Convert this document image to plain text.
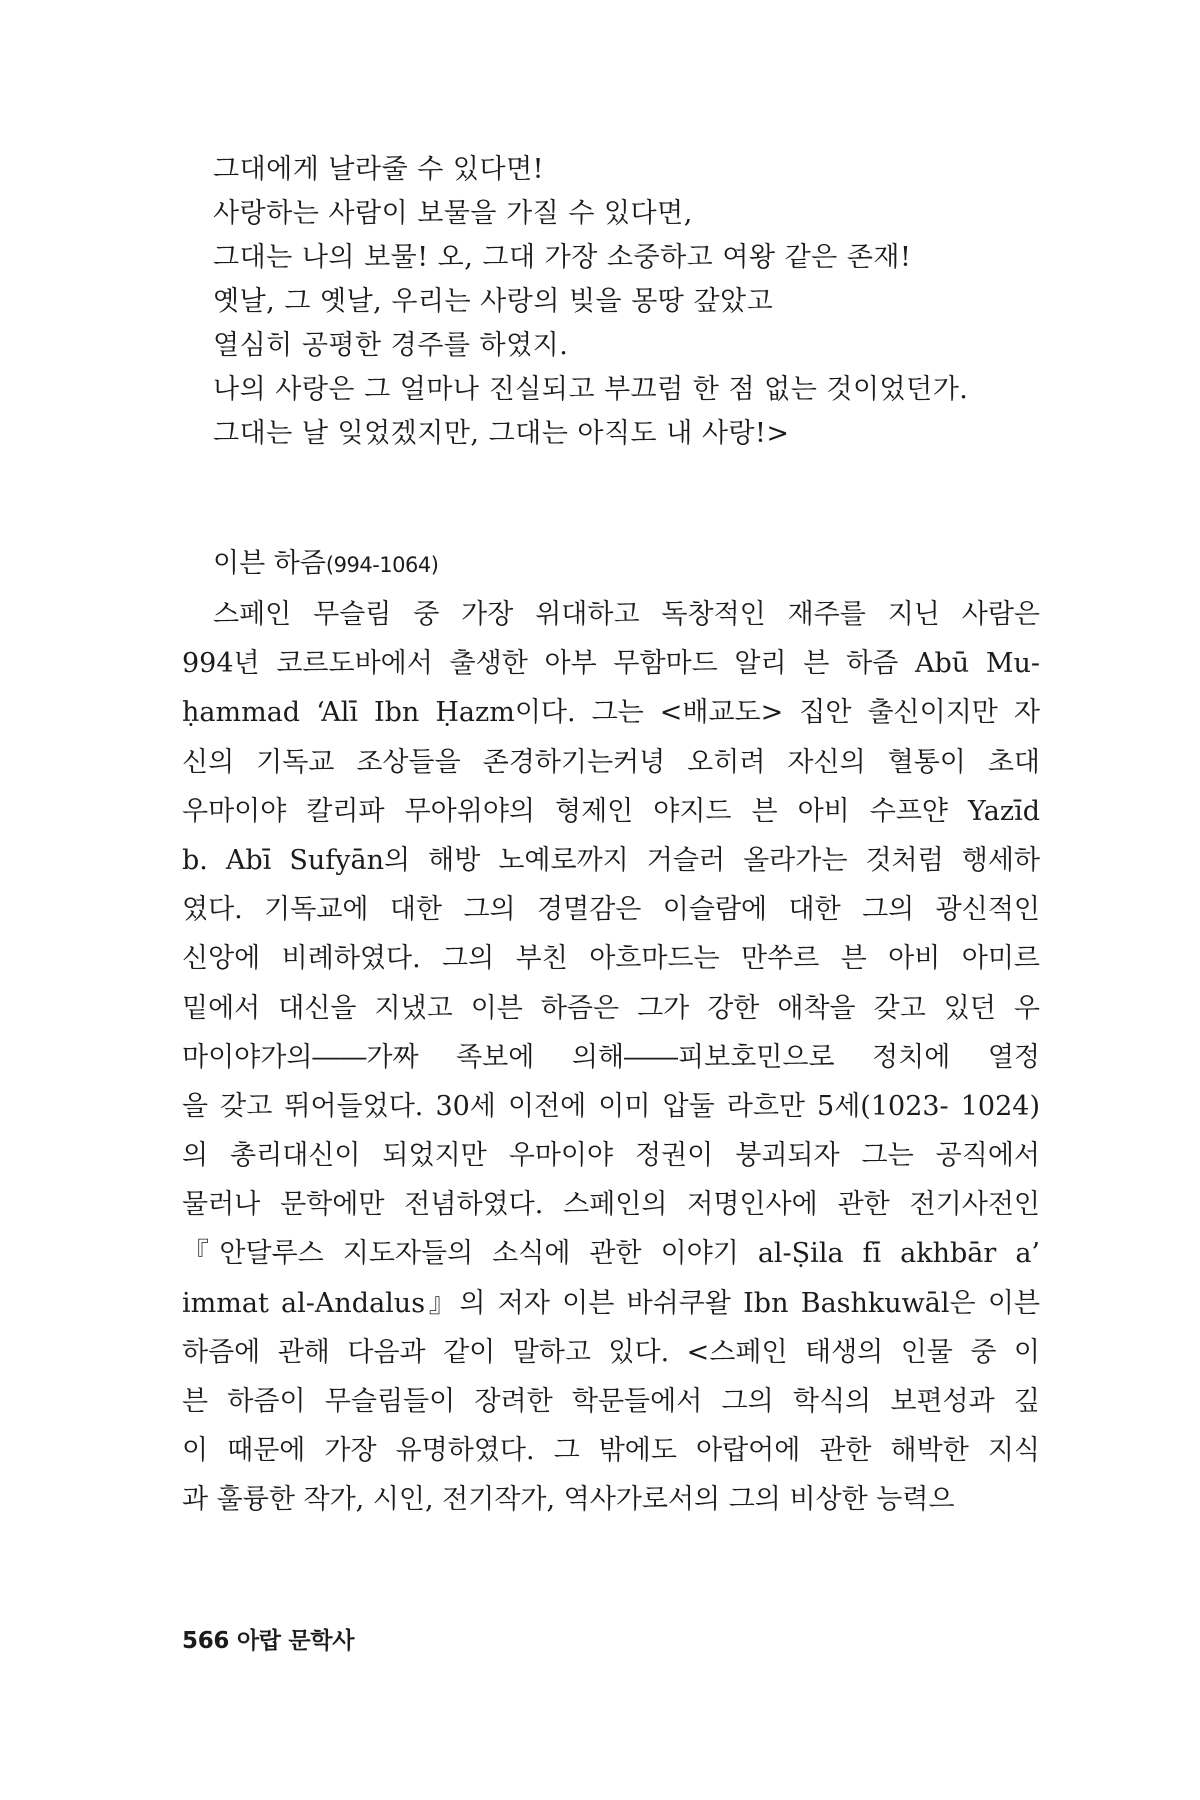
그대에게 날라줄 수 있다면!
사랑하는 사람이 보물을 가질 수 있다면,
그대는 나의 보물! 오, 그대 가장 소중하고 여왕 같은 존재!
옛날, 그 옛날, 우리는 사랑의 빚을 몽땅 갚았고
열심히 공평한 경주를 하였지.
나의 사랑은 그 얼마나 진실되고 부끄럼 한 점 없는 것이었던가.
그대는 날 잊었겠지만, 그대는 아직도 내 사랑!>
이븐 하즘(994-1064)
스페인 무슬림 중 가장 위대하고 독창적인 재주를 지닌 사람은
994년 코르도바에서 출생한 아부 무함마드 알리 븐 하즘 Abū Mu-
ḥammad ‘Alī Ibn Ḥazm이다. 그는 <배교도> 집안 출신이지만 자
신의 기독교 조상들을 존경하기는커녕 오히려 자신의 혈통이 초대
우마이야 칼리파 무아위야의 형제인 야지드 븐 아비 수프얀 Yazīd
b. Abī Sufyān의 해방 노예로까지 거슬러 올라가는 것처럼 행세하
였다. 기독교에 대한 그의 경멸감은 이슬람에 대한 그의 광신적인
신앙에 비례하였다. 그의 부친 아흐마드는 만쑤르 븐 아비 아미르
밑에서 대신을 지냈고 이븐 하즘은 그가 강한 애착을 갖고 있던 우
마이야가의――가짜 족보에 의해――피보호민으로 정치에 열정
을 갖고 뛰어들었다. 30세 이전에 이미 압둘 라흐만 5세(1023- 1024)
의 총리대신이 되었지만 우마이야 정권이 붕괴되자 그는 공직에서
물러나 문학에만 전념하였다. 스페인의 저명인사에 관한 전기사전인
『안달루스 지도자들의 소식에 관한 이야기 al-Ṣila fī akhbār a’
immat al-Andalus』의 저자 이븐 바쉬쿠왈 Ibn Bashkuwāl은 이븐
하즘에 관해 다음과 같이 말하고 있다. <스페인 태생의 인물 중 이
븐 하즘이 무슬림들이 장려한 학문들에서 그의 학식의 보편성과 깊
이 때문에 가장 유명하였다. 그 밖에도 아랍어에 관한 해박한 지식
과 훌륭한 작가, 시인, 전기작가, 역사가로서의 그의 비상한 능력으
566 아랍 문학사
